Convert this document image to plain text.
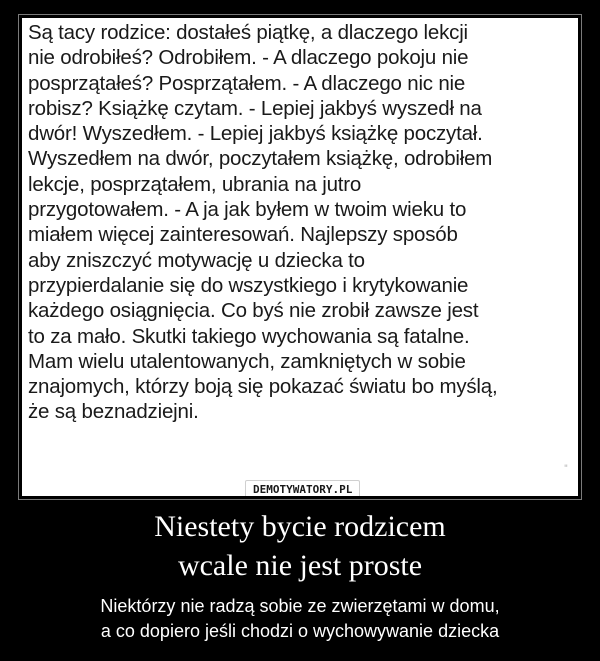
Są tacy rodzice: dostałeś piątkę, a dlaczego lekcji
nie odrobiłeś? Odrobiłem. - A dlaczego pokoju nie
posprzątałeś? Posprzątałem. - A dlaczego nic nie
robisz? Książkę czytam. - Lepiej jakbyś wyszedł na
dwór! Wyszedłem. - Lepiej jakbyś książkę poczytał.
Wyszedłem na dwór, poczytałem książkę, odrobiłem
lekcje, posprzątałem, ubrania na jutro
przygotowałem. - A ja jak byłem w twoim wieku to
miałem więcej zainteresowań. Najlepszy sposób
aby zniszczyć motywację u dziecka to
przypierdalanie się do wszystkiego i krytykowanie
każdego osiągnięcia. Co byś nie zrobił zawsze jest
to za mało. Skutki takiego wychowania są fatalne.
Mam wielu utalentowanych, zamkniętych w sobie
znajomych, którzy boją się pokazać światu bo myślą,
że są beznadziejni.

"
DEMOTYWATORY.PL
Niestety bycie rodzicem
wcale nie jest proste
Niektórzy nie radzą sobie ze zwierzętami w domu,
a co dopiero jeśli chodzi o wychowywanie dziecka
